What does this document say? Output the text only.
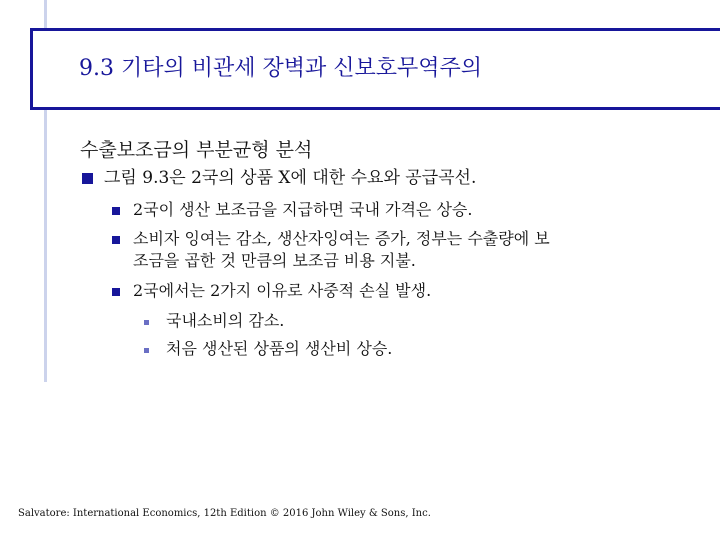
9.3 기타의 비관세 장벽과 신보호무역주의
수출보조금의 부분균형 분석
그림 9.3은 2국의 상품 X에 대한 수요와 공급곡선.
2국이 생산 보조금을 지급하면 국내 가격은 상승.
소비자 잉여는 감소, 생산자잉여는 증가, 정부는 수출량에 보
조금을 곱한 것 만큼의 보조금 비용 지불.
2국에서는 2가지 이유로 사중적 손실 발생.
국내소비의 감소.
처음 생산된 상품의 생산비 상승.
Salvatore: International Economics, 12th Edition © 2016 John Wiley & Sons, Inc.
